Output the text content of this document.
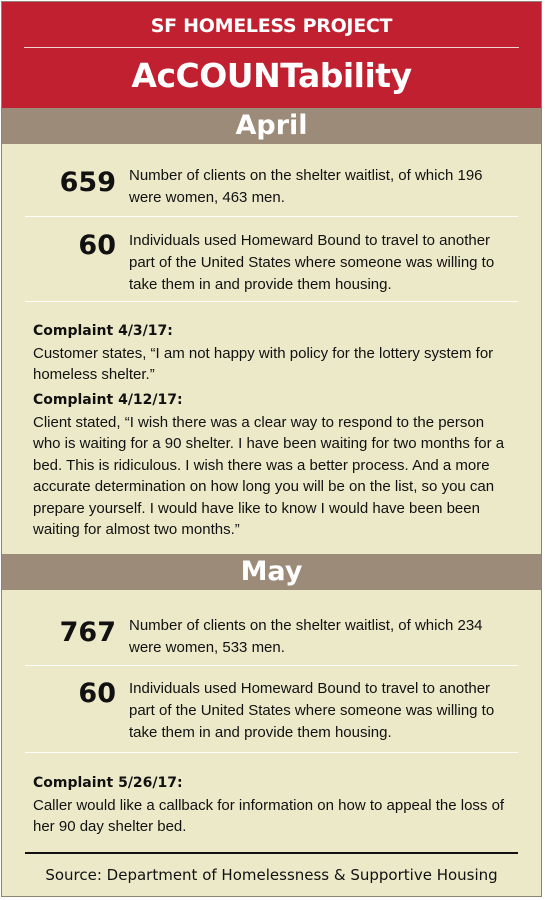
SF HOMELESS PROJECT
AcCOUNTability
April
659 Number of clients on the shelter waitlist, of which 196 were women, 463 men.
60 Individuals used Homeward Bound to travel to another part of the United States where someone was willing to take them in and provide them housing.
Complaint 4/3/17:
Customer states, “I am not happy with policy for the lottery system for homeless shelter.”
Complaint 4/12/17:
Client stated, “I wish there was a clear way to respond to the person who is waiting for a 90 shelter. I have been waiting for two months for a bed. This is ridiculous. I wish there was a better process. And a more accurate determination on how long you will be on the list, so you can prepare yourself. I would have like to know I would have been been waiting for almost two months.”
May
767 Number of clients on the shelter waitlist, of which 234 were women, 533 men.
60 Individuals used Homeward Bound to travel to another part of the United States where someone was willing to take them in and provide them housing.
Complaint 5/26/17:
Caller would like a callback for information on how to appeal the loss of her 90 day shelter bed.
Source: Department of Homelessness & Supportive Housing
